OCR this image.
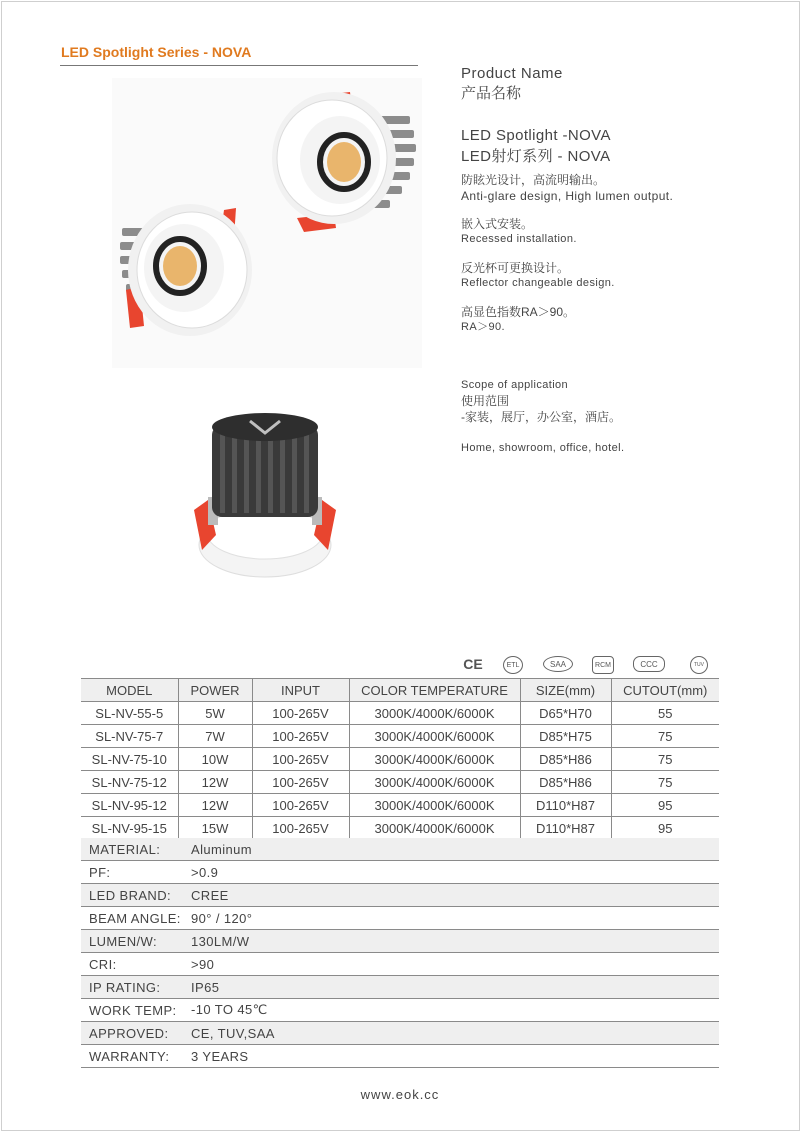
LED Spotlight Series - NOVA
Product Name
产品名称
LED Spotlight -NOVA
LED射灯系列 - NOVA
防眩光设计，高流明输出。
Anti-glare design, High lumen output.
嵌入式安装。
Recessed installation.
反光杯可更换设计。
Reflector changeable design.
高显色指数RA＞90。
RA＞90.
Scope of application
使用范围
-家装，展厅，办公室，酒店。
Home, showroom, office, hotel.
CE	ETL	SAA	RCM	CCC	TUV
MODEL	POWER	INPUT	COLOR TEMPERATURE	SIZE(mm)	CUTOUT(mm)
SL-NV-55-5	5W	100-265V	3000K/4000K/6000K	D65*H70	55
SL-NV-75-7	7W	100-265V	3000K/4000K/6000K	D85*H75	75
SL-NV-75-10	10W	100-265V	3000K/4000K/6000K	D85*H86	75
SL-NV-75-12	12W	100-265V	3000K/4000K/6000K	D85*H86	75
SL-NV-95-12	12W	100-265V	3000K/4000K/6000K	D110*H87	95
SL-NV-95-15	15W	100-265V	3000K/4000K/6000K	D110*H87	95
MATERIAL:	Aluminum
PF:	>0.9
LED BRAND:	CREE
BEAM ANGLE:	90° / 120°
LUMEN/W:	130LM/W
CRI:	>90
IP RATING:	IP65
WORK TEMP:	-10 TO 45℃
APPROVED:	CE, TUV,SAA
WARRANTY:	3 YEARS
www.eok.cc
